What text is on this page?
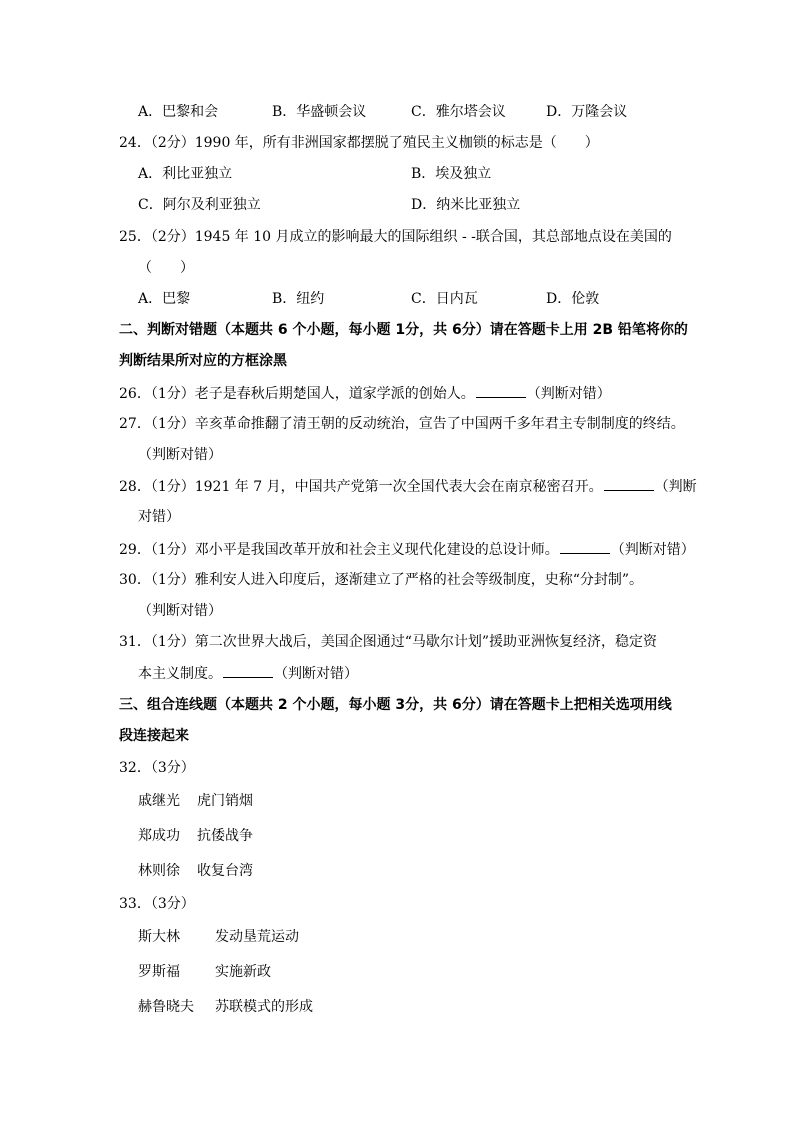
A．巴黎和会	B．华盛顿会议	C．雅尔塔会议	D．万隆会议
24．（2分）1990 年，所有非洲国家都摆脱了殖民主义枷锁的标志是（　　）
A．利比亚独立	B．埃及独立
C．阿尔及利亚独立	D．纳米比亚独立
25．（2分）1945 年 10 月成立的影响最大的国际组织 - -联合国，其总部地点设在美国的
（　　）
A．巴黎	B．纽约	C．日内瓦	D．伦敦
二、判断对错题（本题共 6 个小题，每小题 1分，共 6分）请在答题卡上用 2B 铅笔将你的
判断结果所对应的方框涂黑
26．（1分）老子是春秋后期楚国人，道家学派的创始人。	（判断对错）
27．（1分）辛亥革命推翻了清王朝的反动统治，宣告了中国两千多年君主专制制度的终结。
（判断对错）
28．（1分）1921 年 7 月，中国共产党第一次全国代表大会在南京秘密召开。	（判断
对错）
29．（1分）邓小平是我国改革开放和社会主义现代化建设的总设计师。	（判断对错）
30．（1分）雅利安人进入印度后，逐渐建立了严格的社会等级制度，史称“分封制”。
（判断对错）
31．（1分）第二次世界大战后，美国企图通过“马歇尔计划”援助亚洲恢复经济，稳定资
本主义制度。	（判断对错）
三、组合连线题（本题共 2 个小题，每小题 3分，共 6分）请在答题卡上把相关选项用线
段连接起来
32．（3分）
戚继光 虎门销烟
郑成功 抗倭战争
林则徐 收复台湾
33．（3分）
斯大林	发动垦荒运动
罗斯福	实施新政
赫鲁晓夫 苏联模式的形成
